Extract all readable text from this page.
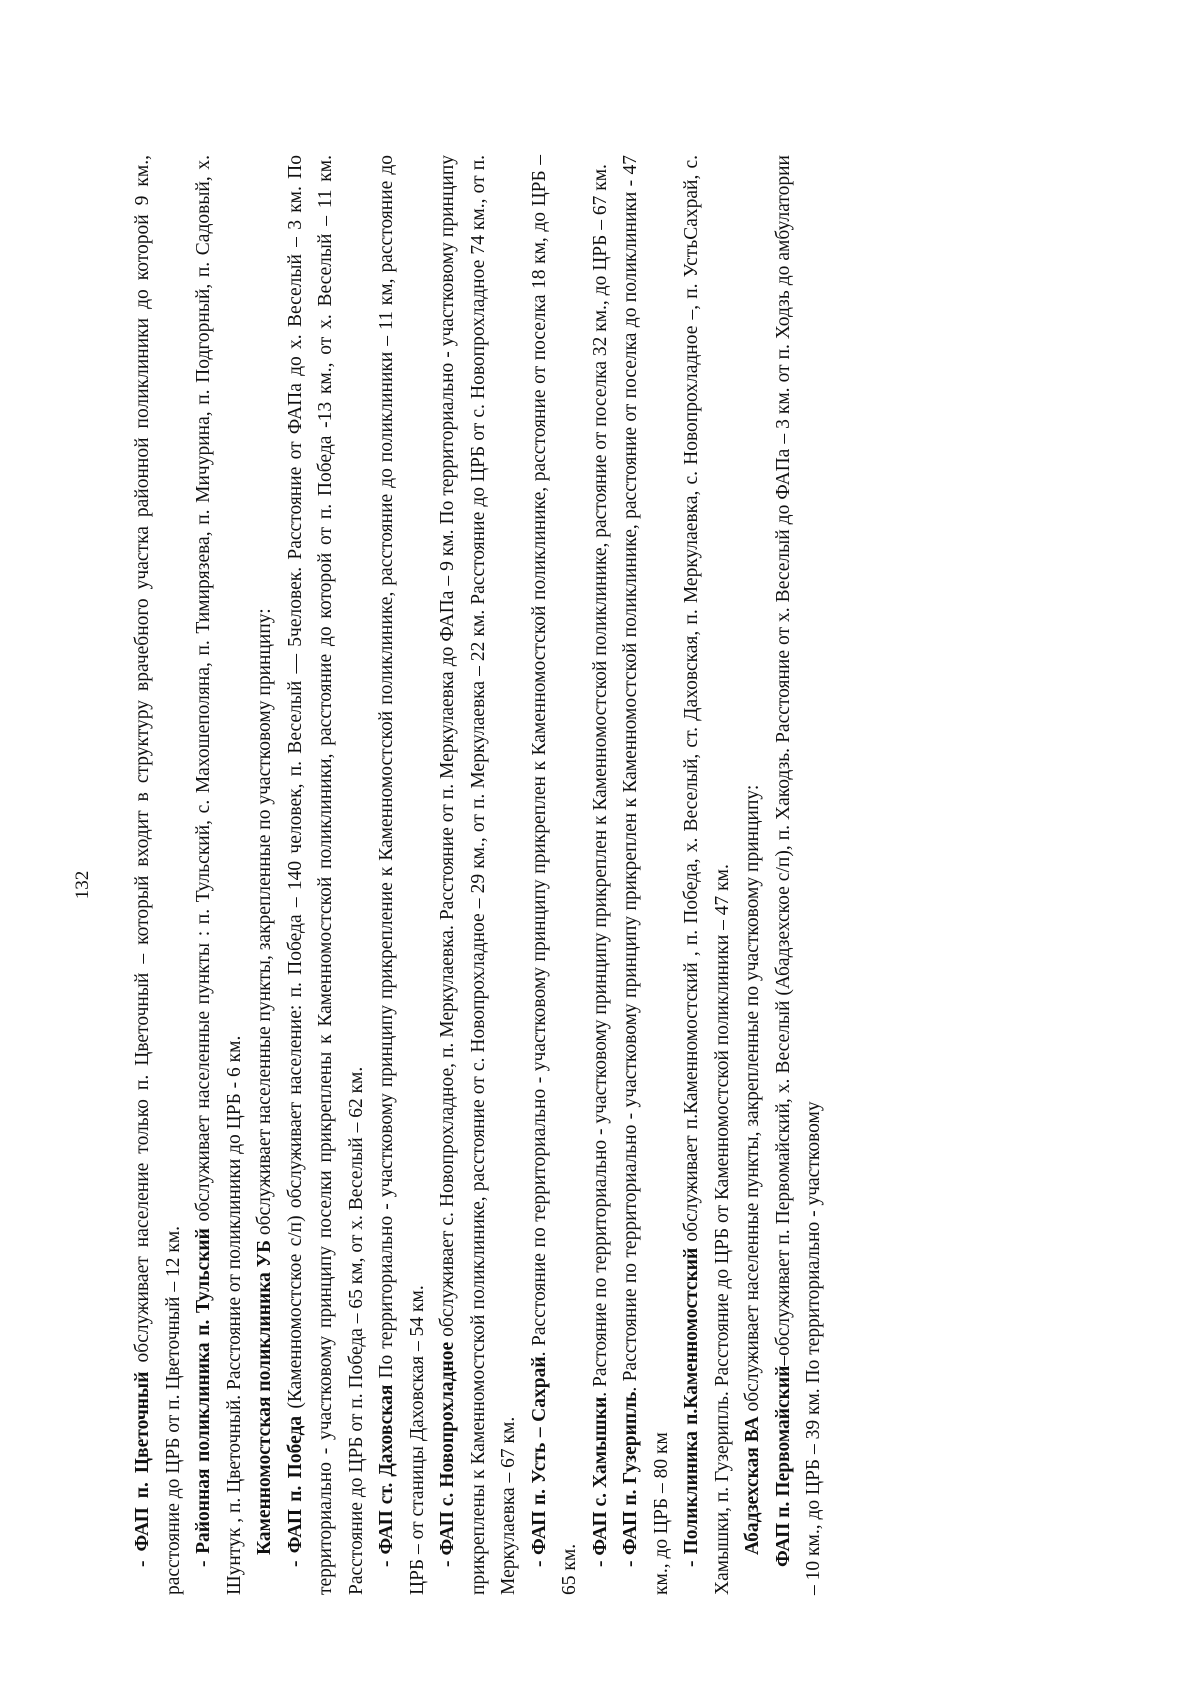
132

- ФАП п. Цветочный обслуживает население только п. Цветочный – который входит в структуру врачебного участка районной поликлиники до которой 9 км., расстояние до ЦРБ от п. Цветочный – 12 км. - Районная поликлиника п. Тульский обслуживает населенные пункты : п. Тульский, с. Махошеполяна, п. Тимирязева, п. Мичурина, п. Подгорный, п. Садовый, х. Шунтук , п. Цветочный. Расстояние от поликлиники до ЦРБ - 6 км. Каменномостская поликлиника УБ обслуживает населенные пункты, закрепленные по участковому принципу:

- ФАП п. Победа (Каменномостское с/п) обслуживает население: п. Победа – 140 человек, п. Веселый — 5человек. Расстояние от ФАПа до х. Веселый – 3 км. По территориально - участковому принципу поселки прикреплены к Каменномостской поликлиники, расстояние до которой от п. Победа -13 км., от х. Веселый – 11 км. Расстояние до ЦРБ от п. Победа – 65 км, от х. Веселый – 62 км. - ФАП ст. Даховская По территориально - участковому принципу прикрепление к Каменномостской поликлинике, расстояние до поликлиники – 11 км, расстояние до ЦРБ – от станицы Даховская – 54 км. - ФАП с. Новопрохладное обслуживает с. Новопрохладное, п. Меркулаевка. Расстояние от п. Меркулаевка до ФАПа – 9 км. По территориально - участковому принципу прикреплены к Каменномостской поликлинике, расстояние от с. Новопрохладное – 29 км., от п. Меркулаевка – 22 км. Расстояние до ЦРБ от с. Новопрохладное 74 км., от п. Меркулаевка – 67 км. - ФАП п. Усть – Сахрай. Расстояние по территориально - участковому принципу прикреплен к Каменномостской поликлинике, расстояние от поселка 18 км, до ЦРБ – 65 км.

- ФАП с. Хамышки. Растояние по территориально - участковому принципу прикреплен к Каменномостской поликлинике, растояние от поселка 32 км., до ЦРБ – 67 км.

- ФАП п. Гузерипль. Расстояние по территориально - участковому принципу прикреплен к Каменномостской поликлинике, расстояние от поселка до поликлиники - 47 км., до ЦРБ – 80 км - Поликлиника п.Каменномостский обслуживает п.Каменномостский , п. Победа, х. Веселый, ст. Даховская, п. Меркулаевка, с. Новопрохладное –, п. УстьСахрай, с. Хамышки, п. Гузерипль. Расстояние до ЦРБ от Каменномостской поликлиники – 47 км. Абадзехская ВА обслуживает населенные пункты, закрепленные по участковому принципу:

ФАП п. Первомайский–обслуживает п. Первомайский, х. Веселый (Абадзехское с/п), п. Хакодзь. Расстояние от х. Веселый до ФАПа – 3 км. от п. Ходзь до амбулатории – 10 км., до ЦРБ – 39 км. По территориально - участковому
